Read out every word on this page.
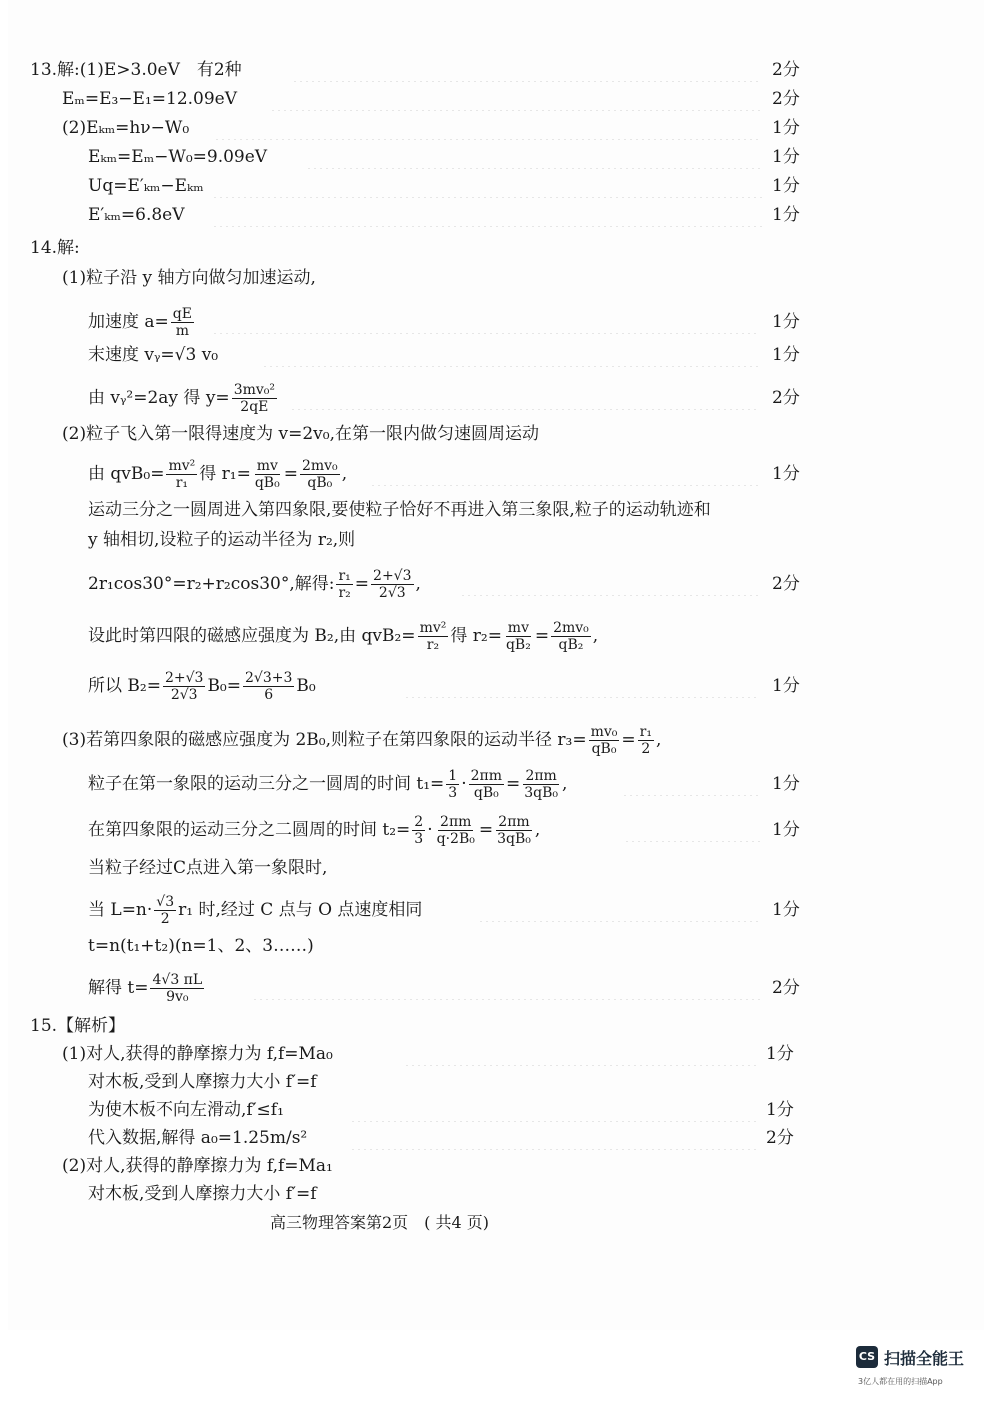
13.解:(1)E>3.0eV　有2种	2分
Eₘ=E₃−E₁=12.09eV	2分
(2)Eₖₘ=hν−W₀	1分
Eₖₘ=Eₘ−W₀=9.09eV	1分
Uq=E′ₖₘ−Eₖₘ	1分
E′ₖₘ=6.8eV	1分
14.解:
(1)粒子沿 y 轴方向做匀加速运动,
加速度 $a= \frac{qE}{m}$	1分
末速度 vᵧ=√3 v₀	1分
由 vᵧ²=2ay 得 $y= \frac{\text{3mv₀²}}{2qE}$	2分
(2)粒子飞入第一限得速度为 v=2v₀,在第一限内做匀速圆周运动
由 $qvB_0= \frac{\text{mv²}}{\text{r₁}}$ 得 $r_1= \frac{mv}{\text{qB₀}} = \frac{\text{2mv₀}}{\text{qB₀}}$ ,	1分
运动三分之一圆周进入第四象限,要使粒子恰好不再进入第三象限,粒子的运动轨迹和
y 轴相切,设粒子的运动半径为 r₂,则
2r₁cos30°=r₂+r₂cos30°,解得: $\frac{\text{r₁}}{\text{r₂}} = \frac{2+√3}{2√3}$ ,	2分
设此时第四限的磁感应强度为 B₂,由 $qvB_2= \frac{\text{mv²}}{\text{r₂}}$ 得 $r_2= \frac{mv}{\text{qB₂}} = \frac{\text{2mv₀}}{\text{qB₂}}$ ,
所以 $B_2= \frac{2+√3}{2√3} B_0= \frac{2√3+3}{6} B_0$	1分
(3)若第四象限的磁感应强度为 2B₀,则粒子在第四象限的运动半径 $r_3= \frac{\text{mv₀}}{\text{qB₀}} = \frac{\text{r₁}}{2}$ ,
粒子在第一象限的运动三分之一圆周的时间 $t_1= \frac{1}{3} \cdot \frac{2\pi m}{\text{qB₀}} = \frac{2\pi m}{\text{3qB₀}}$ ,	1分
在第四象限的运动三分之二圆周的时间 $t_2= \frac{2}{3} \cdot \frac{2\pi m}{\text{q·2B₀}} = \frac{2\pi m}{\text{3qB₀}}$ ,	1分
当粒子经过C点进入第一象限时,
当 $L=n\cdot \frac{√3}{2} r_1$ 时,经过 C 点与 O 点速度相同	1分
t=n(t₁+t₂)(n=1、2、3……)
解得 $t= \frac{4√3 \pi L}{\text{9v₀}}$	2分
15.【解析】
(1)对人,获得的静摩擦力为 f,f=Ma₀	1分
对木板,受到人摩擦力大小 f′=f
为使木板不向左滑动,f′≤f₁	1分
代入数据,解得 a₀=1.25m/s²	2分
(2)对人,获得的静摩擦力为 f,f=Ma₁
对木板,受到人摩擦力大小 f′=f
高三物理答案第2页　( 共4 页)
CS 扫描全能王
3亿人都在用的扫描App
